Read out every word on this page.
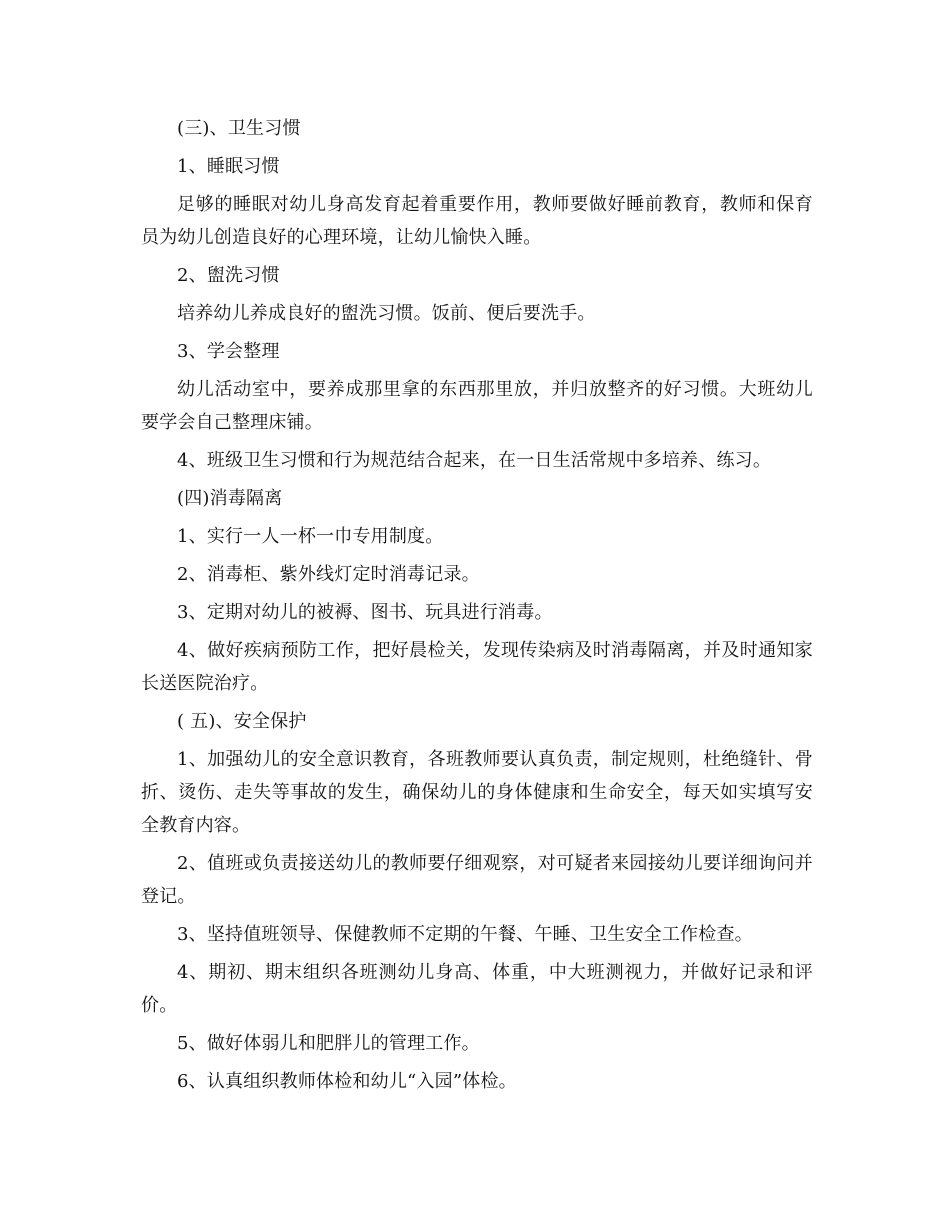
(三)、卫生习惯

1、睡眠习惯

足够的睡眠对幼儿身高发育起着重要作用，教师要做好睡前教育，教师和保育员为幼儿创造良好的心理环境，让幼儿愉快入睡。

2、盥洗习惯

培养幼儿养成良好的盥洗习惯。饭前、便后要洗手。

3、学会整理

幼儿活动室中，要养成那里拿的东西那里放，并归放整齐的好习惯。大班幼儿要学会自己整理床铺。

4、班级卫生习惯和行为规范结合起来，在一日生活常规中多培养、练习。

(四)消毒隔离

1、实行一人一杯一巾专用制度。

2、消毒柜、紫外线灯定时消毒记录。

3、定期对幼儿的被褥、图书、玩具进行消毒。

4、做好疾病预防工作，把好晨检关，发现传染病及时消毒隔离，并及时通知家长送医院治疗。

( 五)、安全保护

1、加强幼儿的安全意识教育，各班教师要认真负责，制定规则，杜绝缝针、骨折、烫伤、走失等事故的发生，确保幼儿的身体健康和生命安全，每天如实填写安全教育内容。

2、值班或负责接送幼儿的教师要仔细观察，对可疑者来园接幼儿要详细询问并登记。

3、坚持值班领导、保健教师不定期的午餐、午睡、卫生安全工作检查。

4、期初、期末组织各班测幼儿身高、体重，中大班测视力，并做好记录和评价。

5、做好体弱儿和肥胖儿的管理工作。

6、认真组织教师体检和幼儿“入园”体检。
